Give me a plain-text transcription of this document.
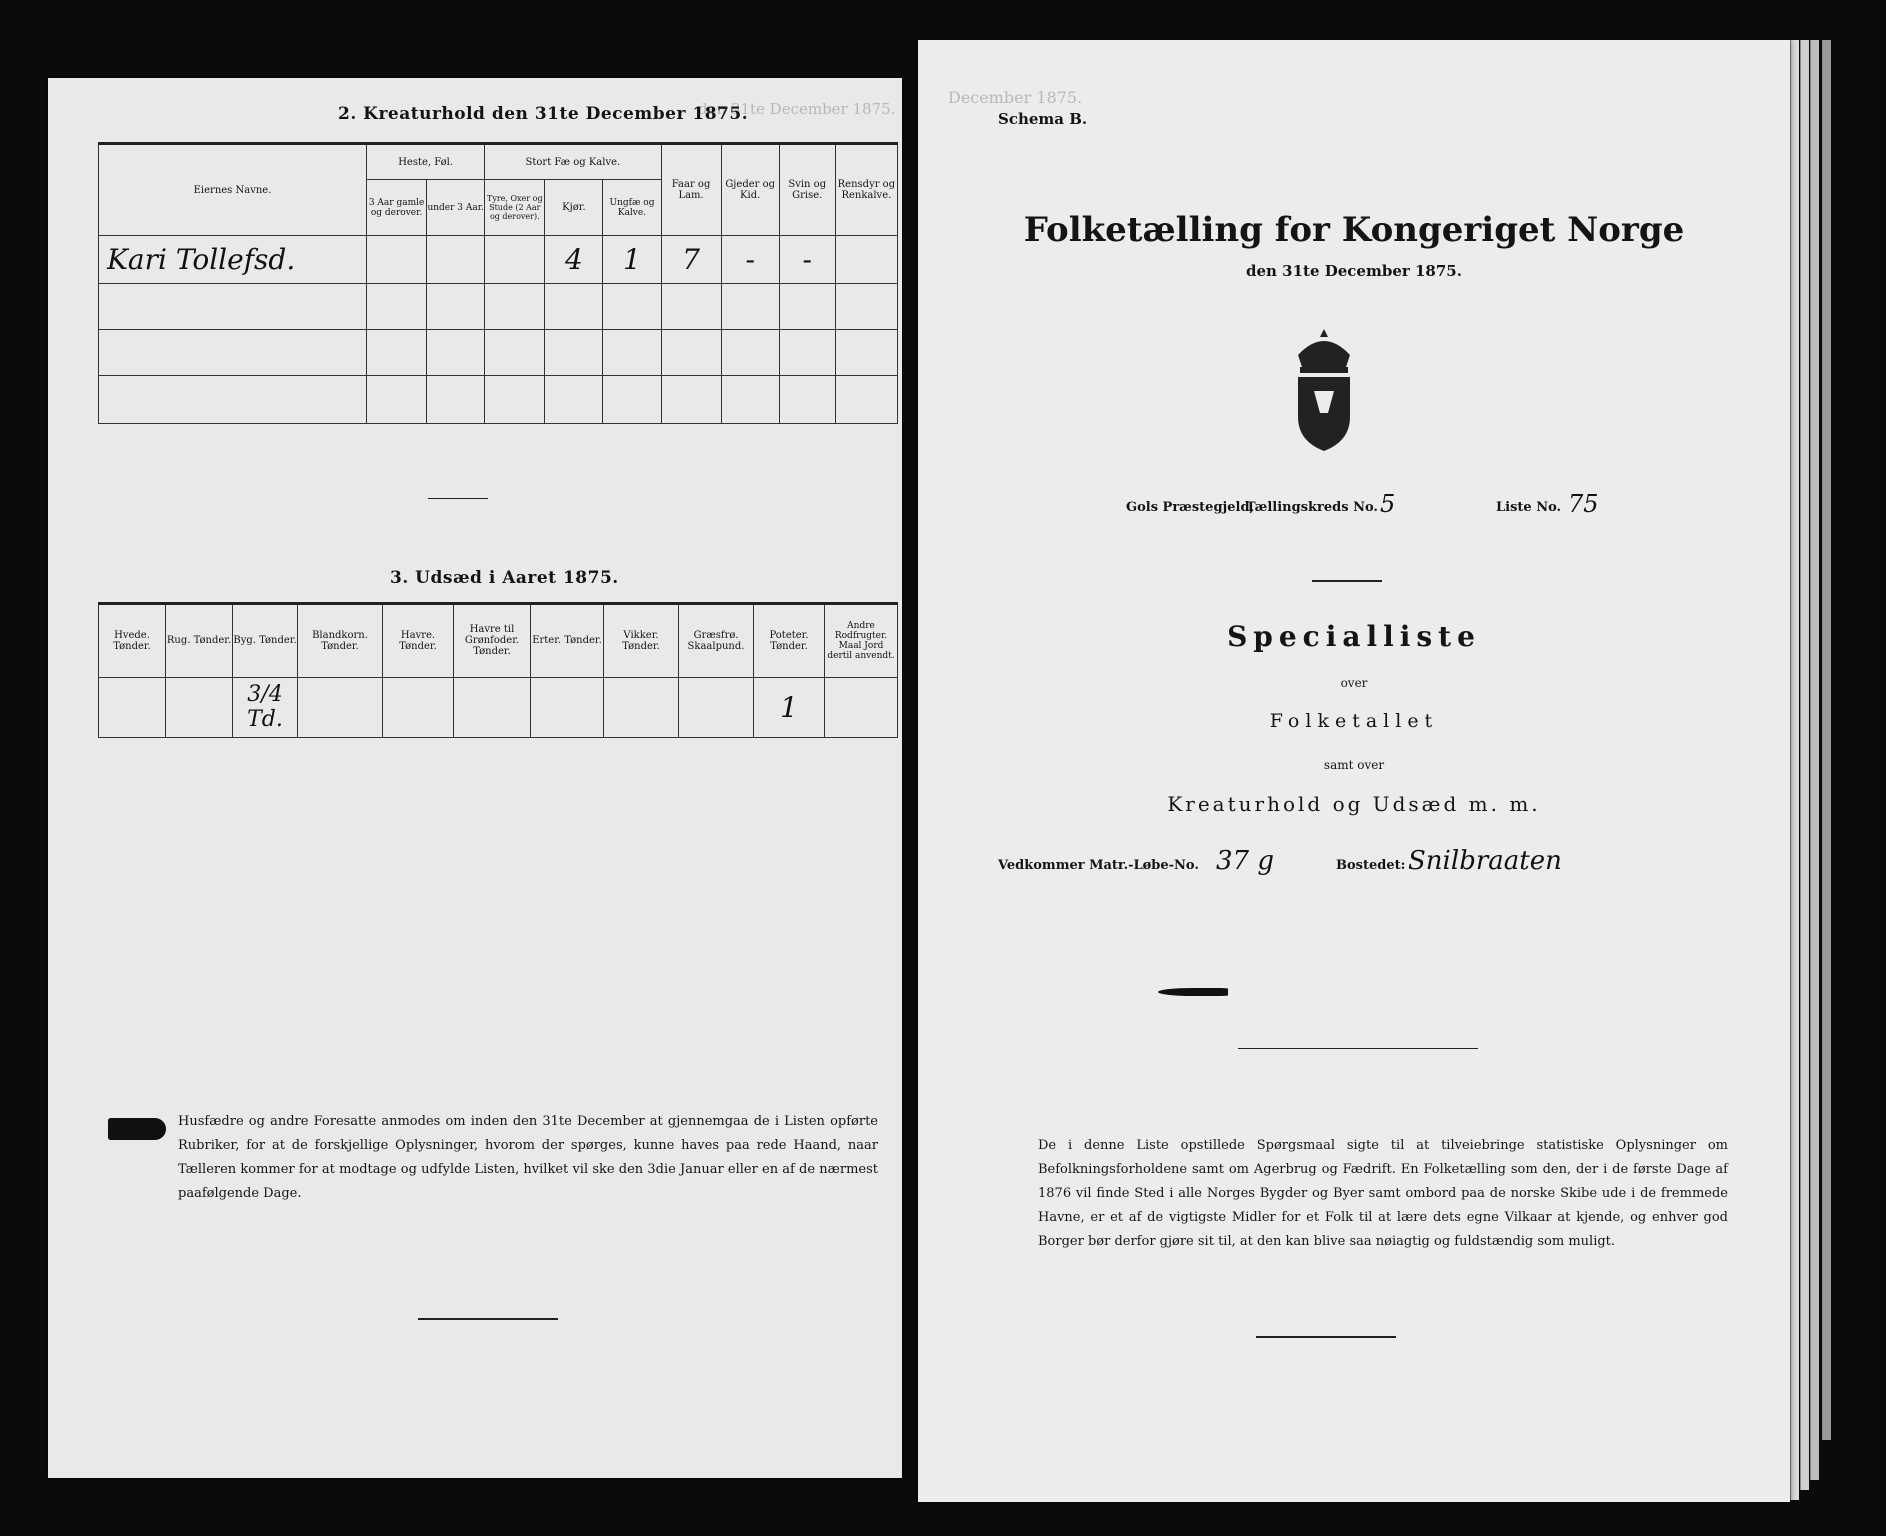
den 31te December 1875.
2. Kreaturhold den 31te December 1875.
Eiernes Navne.	Heste, Føl.		Stort Fæ og Kalve.			Faar og Lam.	Gjeder og Kid.	Svin og Grise.	Rensdyr og Renkalve.
	3 Aar gamle og derover.	under 3 Aar.	Tyre, Oxer og Stude (2 Aar og derover).	Kjør.	Ungfæ og Kalve.				
Kari Tollefsd.				4	1	7	-	-	

3. Udsæd i Aaret 1875.
Hvede. Tønder.	Rug. Tønder.	Byg. Tønder.	Blandkorn. Tønder.	Havre. Tønder.	Havre til Grønfoder. Tønder.	Erter. Tønder.	Vikker. Tønder.	Græsfrø. Skaalpund.	Poteter. Tønder.	Andre Rodfrugter. Maal Jord dertil anvendt.
		3/4 Td.							1	
Husfædre og andre Foresatte anmodes om inden den 31te December at gjennemgaa de i Listen opførte Rubriker, for at de forskjellige Oplysninger, hvorom der spørges, kunne haves paa rede Haand, naar Tælleren kommer for at modtage og udfylde Listen, hvilket vil ske den 3die Januar eller en af de nærmest paafølgende Dage.
December 1875.
Schema B.
Folketælling for Kongeriget Norge
den 31te December 1875.
Gols Præstegjeld,
Tællingskreds No. 5	Liste No. 75
Specialliste
over
Folketallet
samt over
Kreaturhold og Udsæd m. m.
Vedkommer Matr.-Løbe-No. 37 g	Bostedet: Snilbraaten
De i denne Liste opstillede Spørgsmaal sigte til at tilveiebringe statistiske Oplysninger om Befolkningsforholdene samt om Agerbrug og Fædrift. En Folketælling som den, der i de første Dage af 1876 vil finde Sted i alle Norges Bygder og Byer samt ombord paa de norske Skibe ude i de fremmede Havne, er et af de vigtigste Midler for et Folk til at lære dets egne Vilkaar at kjende, og enhver god Borger bør derfor gjøre sit til, at den kan blive saa nøiagtig og fuldstændig som muligt.
